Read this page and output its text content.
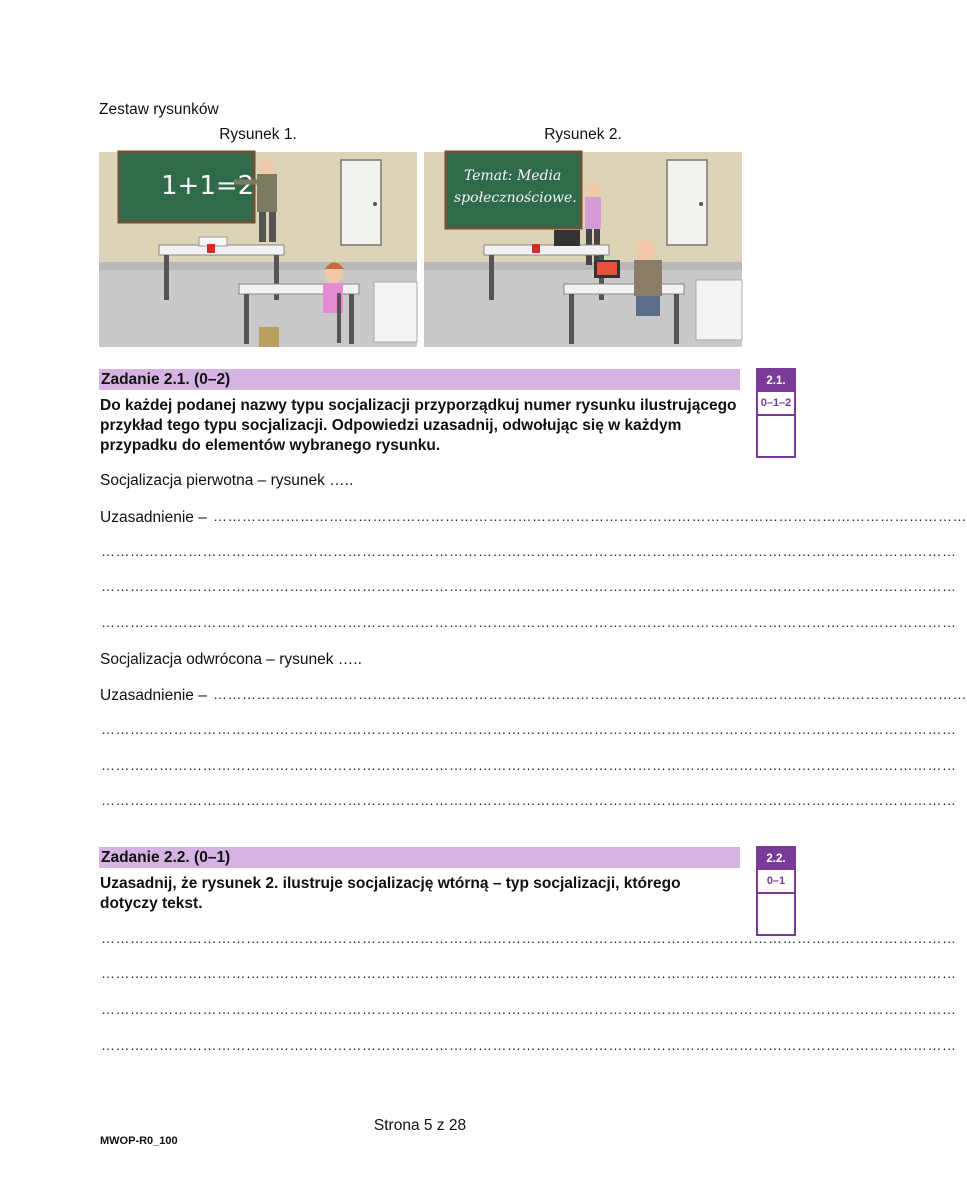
Zestaw rysunków
Rysunek 1.	Rysunek 2.
1+1=2	Temat: Media
społecznościowe.
Zadanie 2.1. (0–2)
Do każdej podanej nazwy typu socjalizacji przyporządkuj numer rysunku ilustrującego
przykład tego typu socjalizacji. Odpowiedzi uzasadnij, odwołując się w każdym
przypadku do elementów wybranego rysunku.
2.1.
0–1–2
Socjalizacja pierwotna – rysunek …..
Uzasadnienie – …………………………………………………………………………………………………………………………………………
……………………………………………………………………………………………………………………………………………………………
……………………………………………………………………………………………………………………………………………………………
……………………………………………………………………………………………………………………………………………………………
Socjalizacja odwrócona – rysunek …..
Uzasadnienie – …………………………………………………………………………………………………………………………………………
……………………………………………………………………………………………………………………………………………………………
……………………………………………………………………………………………………………………………………………………………
……………………………………………………………………………………………………………………………………………………………
Zadanie 2.2. (0–1)
Uzasadnij, że rysunek 2. ilustruje socjalizację wtórną – typ socjalizacji, którego
dotyczy tekst.
2.2.
0–1
……………………………………………………………………………………………………………………………………………………………
……………………………………………………………………………………………………………………………………………………………
……………………………………………………………………………………………………………………………………………………………
……………………………………………………………………………………………………………………………………………………………
Strona 5 z 28
MWOP-R0_100
